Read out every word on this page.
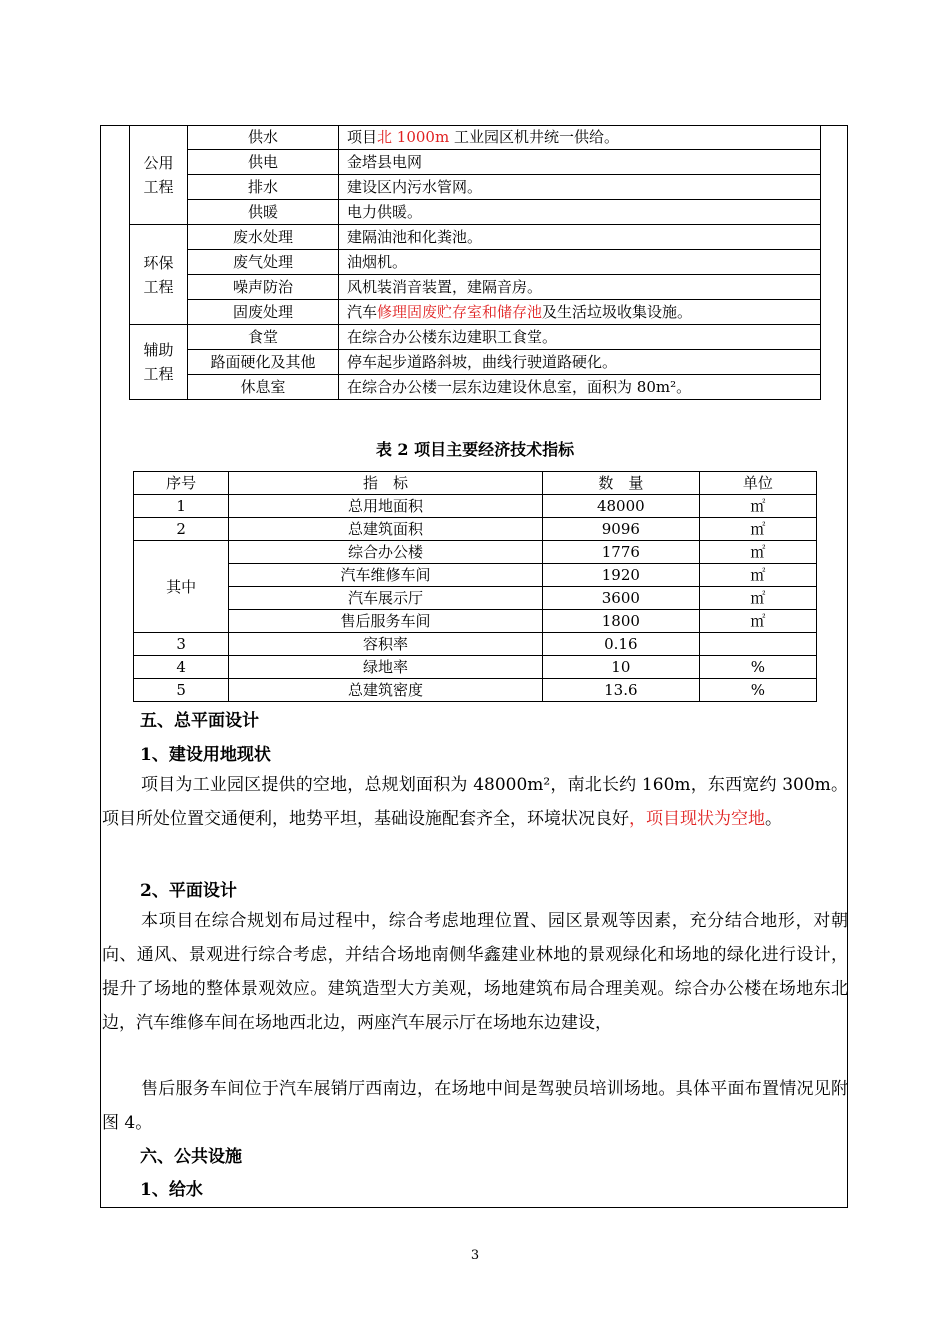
公用
工程	供水	项目北 1000m 工业园区机井统一供给。
	供电	金塔县电网
	排水	建设区内污水管网。
	供暖	电力供暖。
环保
工程	废水处理	建隔油池和化粪池。
	废气处理	油烟机。
	噪声防治	风机装消音装置，建隔音房。
	固废处理	汽车修理固废贮存室和储存池及生活垃圾收集设施。
辅助
工程	食堂	在综合办公楼东边建职工食堂。
	路面硬化及其他	停车起步道路斜坡，曲线行驶道路硬化。
	休息室	在综合办公楼一层东边建设休息室，面积为 80m²。
表 2 项目主要经济技术指标
序号	指　标	数　量	单位
1	总用地面积	48000	㎡
2	总建筑面积	9096	㎡
其中	综合办公楼	1776	㎡
	汽车维修车间	1920	㎡
	汽车展示厅	3600	㎡
	售后服务车间	1800	㎡
3	容积率	0.16	
4	绿地率	10	%
5	总建筑密度	13.6	%
五、总平面设计
1、建设用地现状
项目为工业园区提供的空地，总规划面积为 48000m²，南北长约 160m，东西宽约 300m。项目所处位置交通便利，地势平坦，基础设施配套齐全，环境状况良好，项目现状为空地。
2、平面设计
本项目在综合规划布局过程中，综合考虑地理位置、园区景观等因素，充分结合地形，对朝向、通风、景观进行综合考虑，并结合场地南侧华鑫建业林地的景观绿化和场地的绿化进行设计，提升了场地的整体景观效应。建筑造型大方美观，场地建筑布局合理美观。综合办公楼在场地东北边，汽车维修车间在场地西北边，两座汽车展示厅在场地东边建设，
售后服务车间位于汽车展销厅西南边，在场地中间是驾驶员培训场地。具体平面布置情况见附图 4。
六、公共设施
1、给水
3
